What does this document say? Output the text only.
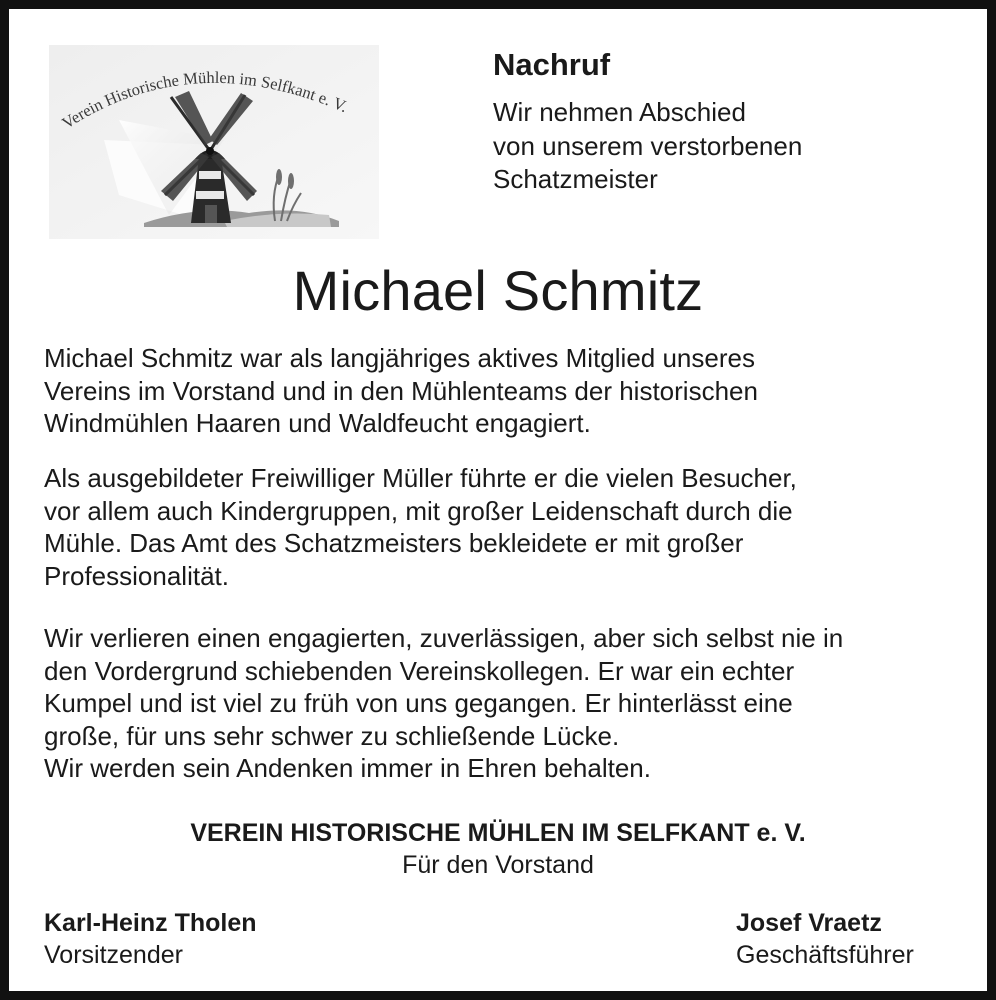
Verein Historische Mühlen im Selfkant e. V.
Nachruf
Wir nehmen Abschied
von unserem verstorbenen
Schatzmeister
Michael Schmitz
Michael Schmitz war als langjähriges aktives Mitglied unseres
Vereins im Vorstand und in den Mühlenteams der historischen
Windmühlen Haaren und Waldfeucht engagiert.
Als ausgebildeter Freiwilliger Müller führte er die vielen Besucher,
vor allem auch Kindergruppen, mit großer Leidenschaft durch die
Mühle. Das Amt des Schatzmeisters bekleidete er mit großer
Professionalität.
Wir verlieren einen engagierten, zuverlässigen, aber sich selbst nie in
den Vordergrund schiebenden Vereinskollegen. Er war ein echter
Kumpel und ist viel zu früh von uns gegangen. Er hinterlässt eine
große, für uns sehr schwer zu schließende Lücke.
Wir werden sein Andenken immer in Ehren behalten.
VEREIN HISTORISCHE MÜHLEN IM SELFKANT e. V.
Für den Vorstand
Karl-Heinz Tholen
Vorsitzender
Josef Vraetz
Geschäftsführer
